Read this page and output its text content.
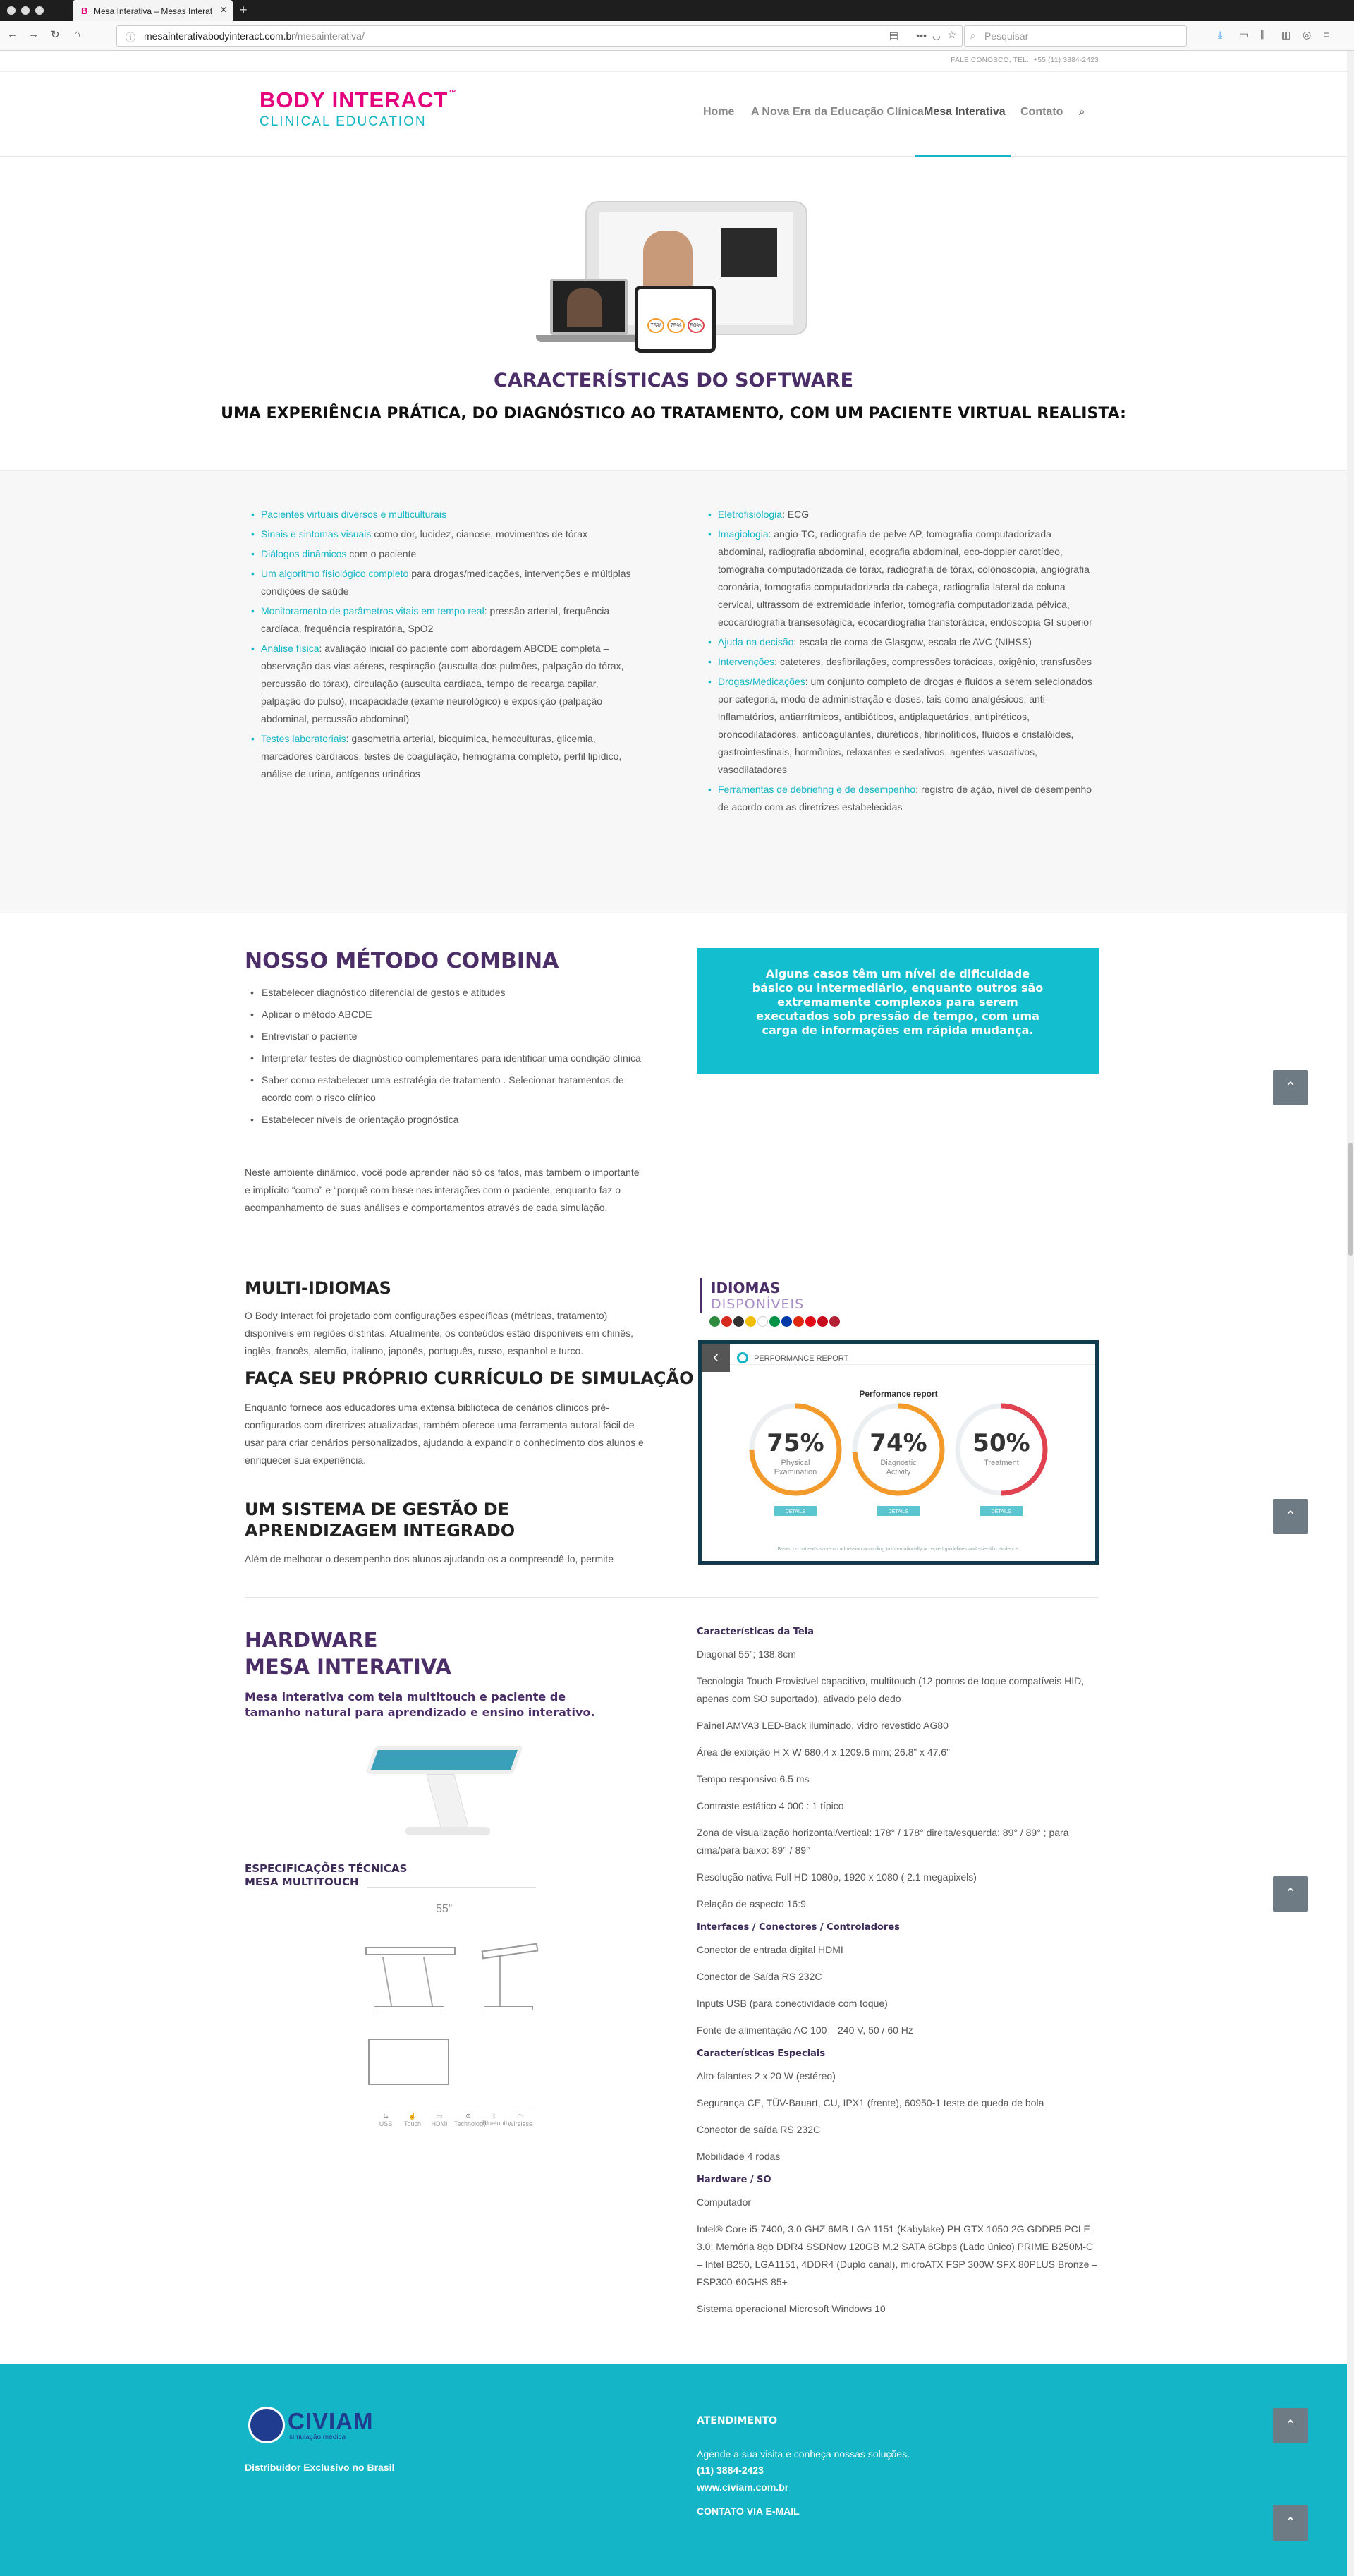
B Mesa Interativa – Mesas Interat ✕ +
← → ↻ ⌂	ⓘ mesainterativabodyinteract.com.br/mesainterativa/	▤ ••• ◡ ☆ ⌕ Pesquisar	⤓ ▭ ⫼ ▥ ◎ ≡
FALE CONOSCO, TEL.: +55 (11) 3884-2423
BODY INTERACT™
CLINICAL EDUCATION
Home A Nova Era da Educação Clínica Mesa Interativa Contato ⌕
75% 75% 50%
CARACTERÍSTICAS DO SOFTWARE
UMA EXPERIÊNCIA PRÁTICA, DO DIAGNÓSTICO AO TRATAMENTO, COM UM PACIENTE VIRTUAL REALISTA:
• Pacientes virtuais diversos e multiculturais
• Sinais e sintomas visuais como dor, lucidez, cianose, movimentos de tórax
• Diálogos dinâmicos com o paciente
• Um algoritmo fisiológico completo para drogas/medicações, intervenções e múltiplas condições de saúde
• Monitoramento de parâmetros vitais em tempo real: pressão arterial, frequência cardíaca, frequência respiratória, SpO2
• Análise física: avaliação inicial do paciente com abordagem ABCDE completa – observação das vias aéreas, respiração (ausculta dos pulmões, palpação do tórax, percussão do tórax), circulação (ausculta cardíaca, tempo de recarga capilar, palpação do pulso), incapacidade (exame neurológico) e exposição (palpação abdominal, percussão abdominal)
• Testes laboratoriais: gasometria arterial, bioquímica, hemoculturas, glicemia, marcadores cardíacos, testes de coagulação, hemograma completo, perfil lipídico, análise de urina, antígenos urinários
• Eletrofisiologia: ECG
• Imagiologia: angio-TC, radiografia de pelve AP, tomografia computadorizada abdominal, radiografia abdominal, ecografia abdominal, eco-doppler carotídeo, tomografia computadorizada de tórax, radiografia de tórax, colonoscopia, angiografia coronária, tomografia computadorizada da cabeça, radiografia lateral da coluna cervical, ultrassom de extremidade inferior, tomografia computadorizada pélvica, ecocardiografia transesofágica, ecocardiografia transtorácica, endoscopia GI superior
• Ajuda na decisão: escala de coma de Glasgow, escala de AVC (NIHSS)
• Intervenções: cateteres, desfibrilações, compressões torácicas, oxigênio, transfusões
• Drogas/Medicações: um conjunto completo de drogas e fluidos a serem selecionados por categoria, modo de administração e doses, tais como analgésicos, anti-inflamatórios, antiarrítmicos, antibióticos, antiplaquetários, antipiréticos, broncodilatadores, anticoagulantes, diuréticos, fibrinolíticos, fluidos e cristalóides, gastrointestinais, hormônios, relaxantes e sedativos, agentes vasoativos, vasodilatadores
• Ferramentas de debriefing e de desempenho: registro de ação, nível de desempenho de acordo com as diretrizes estabelecidas
NOSSO MÉTODO COMBINA
• Estabelecer diagnóstico diferencial de gestos e atitudes
• Aplicar o método ABCDE
• Entrevistar o paciente
• Interpretar testes de diagnóstico complementares para identificar uma condição clínica
• Saber como estabelecer uma estratégia de tratamento . Selecionar tratamentos de acordo com o risco clínico
• Estabelecer níveis de orientação prognóstica
Neste ambiente dinâmico, você pode aprender não só os fatos, mas também o importante e implícito “como” e “porquê com base nas interações com o paciente, enquanto faz o acompanhamento de suas análises e comportamentos através de cada simulação.
Alguns casos têm um nível de dificuldade básico ou intermediário, enquanto outros são extremamente complexos para serem executados sob pressão de tempo, com uma carga de informações em rápida mudança.
⌃
MULTI-IDIOMAS
O Body Interact foi projetado com configurações específicas (métricas, tratamento) disponíveis em regiões distintas. Atualmente, os conteúdos estão disponíveis em chinês, inglês, francês, alemão, italiano, japonês, português, russo, espanhol e turco.
FAÇA SEU PRÓPRIO CURRÍCULO DE SIMULAÇÃO
Enquanto fornece aos educadores uma extensa biblioteca de cenários clínicos pré-configurados com diretrizes atualizadas, também oferece uma ferramenta autoral fácil de usar para criar cenários personalizados, ajudando a expandir o conhecimento dos alunos e enriquecer sua experiência.
UM SISTEMA DE GESTÃO DE APRENDIZAGEM INTEGRADO
Além de melhorar o desempenho dos alunos ajudando-os a compreendê-lo, permite
IDIOMAS
DISPONÍVEIS
‹	PERFORMANCE REPORT
Performance report
75%
Physical
Examination
DETAILS
74%
Diagnostic
Activity
DETAILS
50%
Treatment
DETAILS
Based on patient's score on admission according to internationally accepted guidelines and scientific evidence.
⌃
HARDWARE
MESA INTERATIVA
Mesa interativa com tela multitouch e paciente de tamanho natural para aprendizado e ensino interativo.
ESPECIFICAÇÕES TÉCNICAS
MESA MULTITOUCH
55”
⇆
USB
☝
Touch
▭
HDMI
⚙
Technology
ᛒ
Bluetooth
◠
Wireless
Características da Tela
Diagonal 55”; 138.8cm
Tecnologia Touch Provisível capacitivo, multitouch (12 pontos de toque compatíveis HID, apenas com SO suportado), ativado pelo dedo
Painel AMVA3 LED-Back iluminado, vidro revestido AG80
Área de exibição H X W 680.4 x 1209.6 mm; 26.8” x 47.6”
Tempo responsivo 6.5 ms
Contraste estático 4 000 : 1 típico
Zona de visualização horizontal/vertical: 178° / 178° direita/esquerda: 89° / 89° ; para cima/para baixo: 89° / 89°
Resolução nativa Full HD 1080p, 1920 x 1080 ( 2.1 megapixels)
Relação de aspecto 16:9
Interfaces / Conectores / Controladores
Conector de entrada digital HDMI
Conector de Saída RS 232C
Inputs USB (para conectividade com toque)
Fonte de alimentação AC 100 – 240 V, 50 / 60 Hz
Características Especiais
Alto-falantes 2 x 20 W (estéreo)
Segurança CE, TÜV-Bauart, CU, IPX1 (frente), 60950-1 teste de queda de bola
Conector de saída RS 232C
Mobilidade 4 rodas
Hardware / SO
Computador
Intel® Core i5-7400, 3.0 GHZ 6MB LGA 1151 (Kabylake) PH GTX 1050 2G GDDR5 PCI E 3.0; Memória 8gb DDR4 SSDNow 120GB M.2 SATA 6Gbps (Lado único) PRIME B250M-C – Intel B250, LGA1151, 4DDR4 (Duplo canal), microATX FSP 300W SFX 80PLUS Bronze – FSP300-60GHS 85+
Sistema operacional Microsoft Windows 10
⌃
CIVIAM
simulação médica
Distribuidor Exclusivo no Brasil
ATENDIMENTO
Agende a sua visita e conheça nossas soluções.
(11) 3884-2423
www.civiam.com.br
CONTATO VIA E-MAIL
⌃
⌃
